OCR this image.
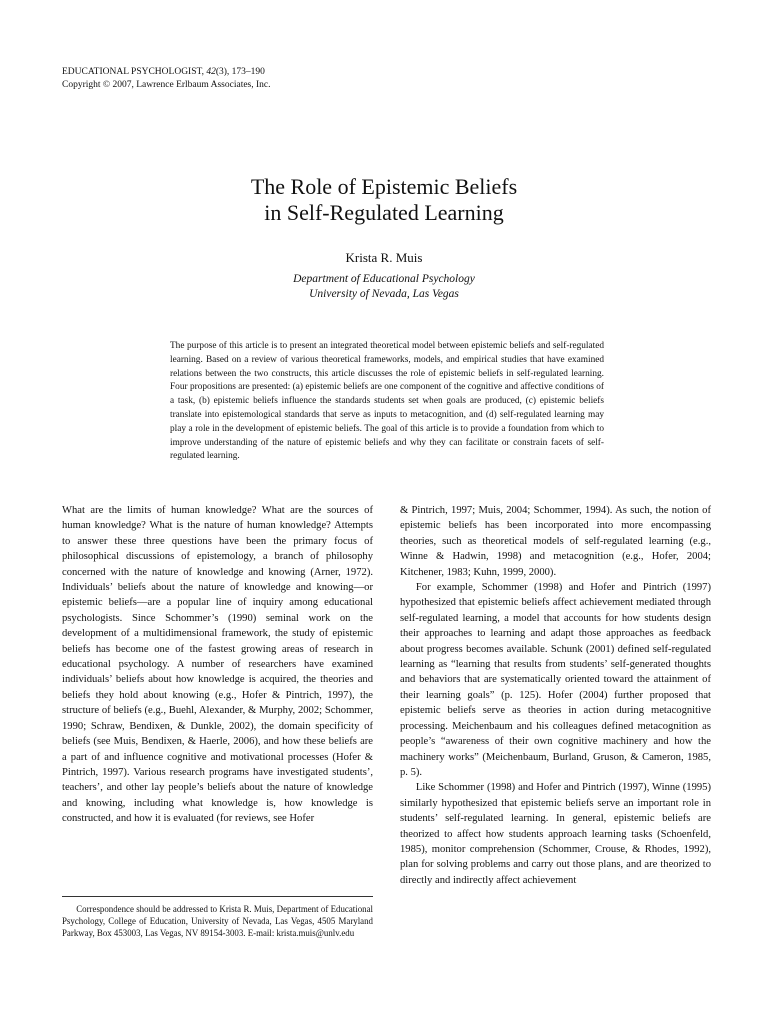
EDUCATIONAL PSYCHOLOGIST, 42(3), 173–190
Copyright © 2007, Lawrence Erlbaum Associates, Inc.
The Role of Epistemic Beliefs
in Self-Regulated Learning
Krista R. Muis
Department of Educational Psychology
University of Nevada, Las Vegas
The purpose of this article is to present an integrated theoretical model between epistemic beliefs and self-regulated learning. Based on a review of various theoretical frameworks, models, and empirical studies that have examined relations between the two constructs, this article discusses the role of epistemic beliefs in self-regulated learning. Four propositions are presented: (a) epistemic beliefs are one component of the cognitive and affective conditions of a task, (b) epistemic beliefs influence the standards students set when goals are produced, (c) epistemic beliefs translate into epistemological standards that serve as inputs to metacognition, and (d) self-regulated learning may play a role in the development of epistemic beliefs. The goal of this article is to provide a foundation from which to improve understanding of the nature of epistemic beliefs and why they can facilitate or constrain facets of self-regulated learning.

What are the limits of human knowledge? What are the sources of human knowledge? What is the nature of human knowledge? Attempts to answer these three questions have been the primary focus of philosophical discussions of epistemology, a branch of philosophy concerned with the nature of knowledge and knowing (Arner, 1972). Individuals’ beliefs about the nature of knowledge and knowing—or epistemic beliefs—are a popular line of inquiry among educational psychologists. Since Schommer’s (1990) seminal work on the development of a multidimensional framework, the study of epistemic beliefs has become one of the fastest growing areas of research in educational psychology. A number of researchers have examined individuals’ beliefs about how knowledge is acquired, the theories and beliefs they hold about knowing (e.g., Hofer & Pintrich, 1997), the structure of beliefs (e.g., Buehl, Alexander, & Murphy, 2002; Schommer, 1990; Schraw, Bendixen, & Dunkle, 2002), the domain specificity of beliefs (see Muis, Bendixen, & Haerle, 2006), and how these beliefs are a part of and influence cognitive and motivational processes (Hofer & Pintrich, 1997). Various research programs have investigated students’, teachers’, and other lay people’s beliefs about the nature of knowledge and knowing, including what knowledge is, how knowledge is constructed, and how it is evaluated (for reviews, see Hofer

& Pintrich, 1997; Muis, 2004; Schommer, 1994). As such, the notion of epistemic beliefs has been incorporated into more encompassing theories, such as theoretical models of self-regulated learning (e.g., Winne & Hadwin, 1998) and metacognition (e.g., Hofer, 2004; Kitchener, 1983; Kuhn, 1999, 2000).

For example, Schommer (1998) and Hofer and Pintrich (1997) hypothesized that epistemic beliefs affect achievement mediated through self-regulated learning, a model that accounts for how students design their approaches to learning and adapt those approaches as feedback about progress becomes available. Schunk (2001) defined self-regulated learning as “learning that results from students’ self-generated thoughts and behaviors that are systematically oriented toward the attainment of their learning goals” (p. 125). Hofer (2004) further proposed that epistemic beliefs serve as theories in action during metacognitive processing. Meichenbaum and his colleagues defined metacognition as people’s “awareness of their own cognitive machinery and how the machinery works” (Meichenbaum, Burland, Gruson, & Cameron, 1985, p. 5).

Like Schommer (1998) and Hofer and Pintrich (1997), Winne (1995) similarly hypothesized that epistemic beliefs serve an important role in students’ self-regulated learning. In general, epistemic beliefs are theorized to affect how students approach learning tasks (Schoenfeld, 1985), monitor comprehension (Schommer, Crouse, & Rhodes, 1992), plan for solving problems and carry out those plans, and are theorized to directly and indirectly affect achievement

Correspondence should be addressed to Krista R. Muis, Department of Educational Psychology, College of Education, University of Nevada, Las Vegas, 4505 Maryland Parkway, Box 453003, Las Vegas, NV 89154-3003. E-mail: krista.muis@unlv.edu
